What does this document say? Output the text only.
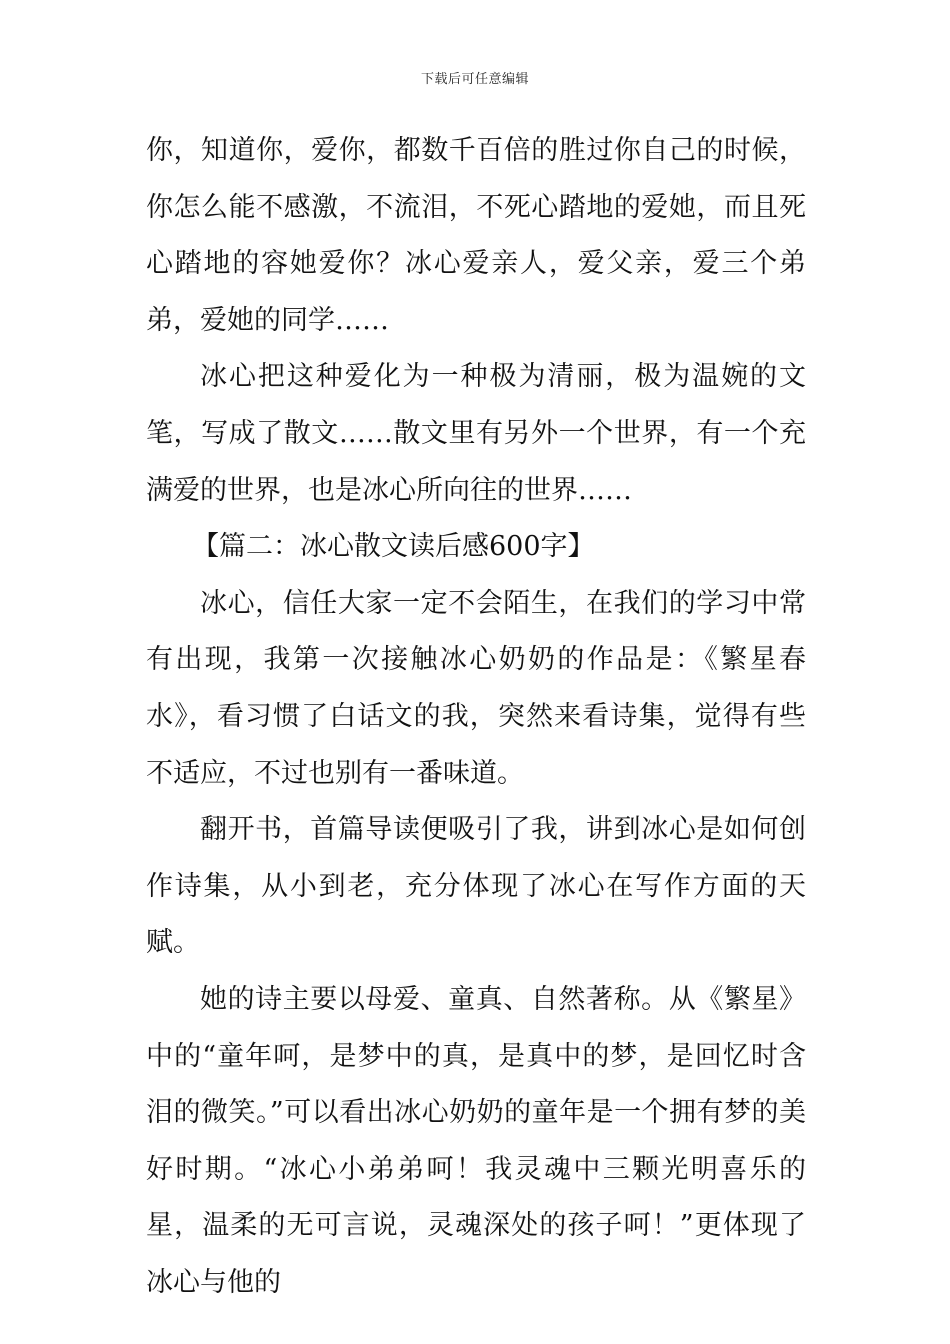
下载后可任意编辑

你，知道你，爱你，都数千百倍的胜过你自己的时候，你怎么能不感激，不流泪，不死心踏地的爱她，而且死心踏地的容她爱你？冰心爱亲人，爱父亲，爱三个弟弟，爱她的同学……

冰心把这种爱化为一种极为清丽，极为温婉的文笔，写成了散文……散文里有另外一个世界，有一个充满爱的世界，也是冰心所向往的世界……

【篇二：冰心散文读后感600字】

冰心，信任大家一定不会陌生，在我们的学习中常有出现，我第一次接触冰心奶奶的作品是：《繁星春水》，看习惯了白话文的我，突然来看诗集，觉得有些不适应，不过也别有一番味道。

翻开书，首篇导读便吸引了我，讲到冰心是如何创作诗集，从小到老，充分体现了冰心在写作方面的天赋。

她的诗主要以母爱、童真、自然著称。从《繁星》中的“童年呵，是梦中的真，是真中的梦，是回忆时含泪的微笑。”可以看出冰心奶奶的童年是一个拥有梦的美好时期。“冰心小弟弟呵！我灵魂中三颗光明喜乐的星，温柔的无可言说，灵魂深处的孩子呵！”更体现了冰心与他的
